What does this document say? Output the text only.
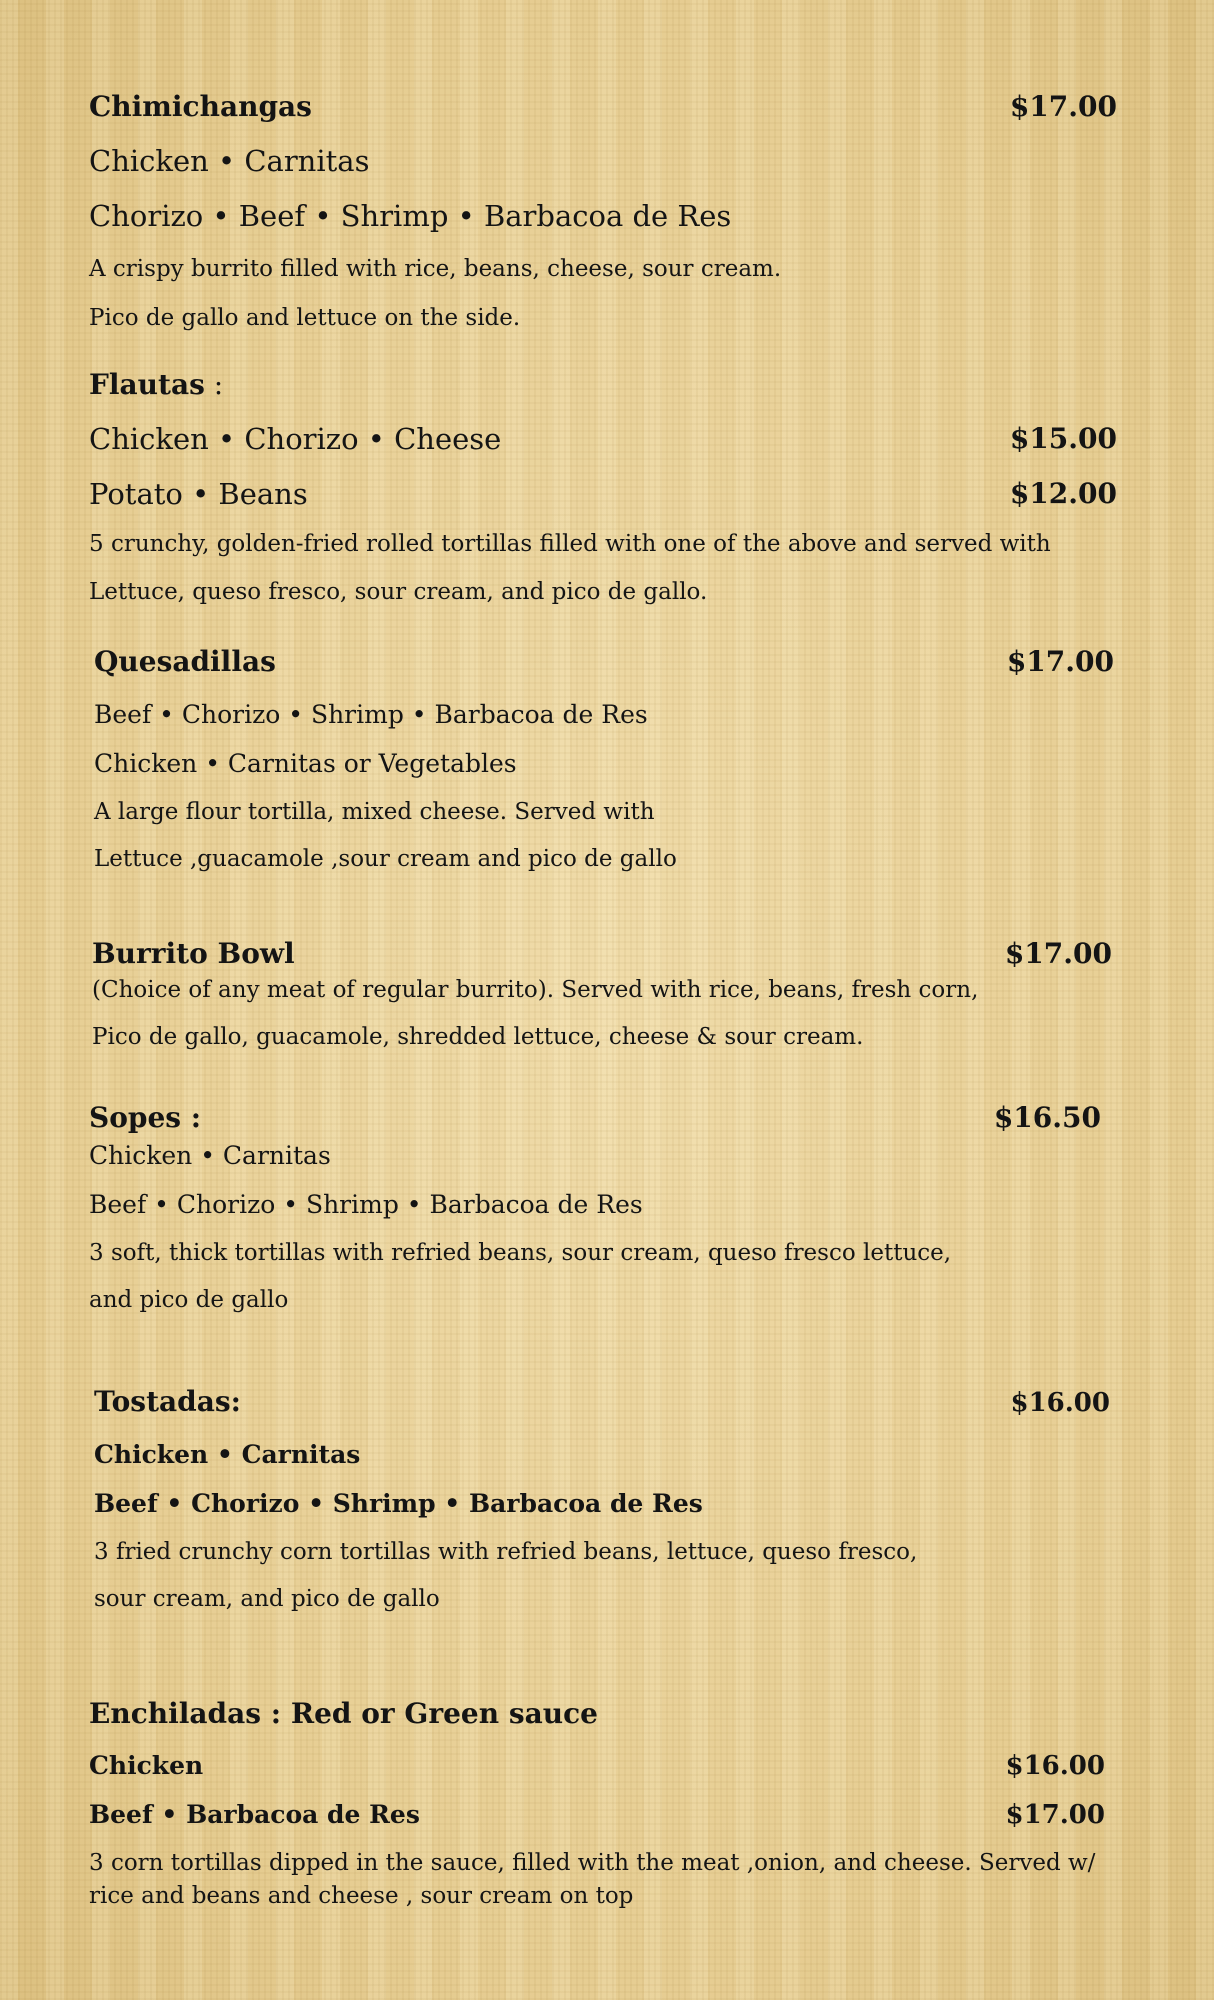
Chimichangas	$17.00
Chicken • Carnitas
Chorizo • Beef • Shrimp • Barbacoa de Res
A crispy burrito filled with rice, beans, cheese, sour cream.
Pico de gallo and lettuce on the side.
Flautas :
Chicken • Chorizo • Cheese	$15.00
Potato • Beans	$12.00
5 crunchy, golden-fried rolled tortillas filled with one of the above and served with
Lettuce, queso fresco, sour cream, and pico de gallo.
Quesadillas	$17.00
Beef • Chorizo • Shrimp • Barbacoa de Res
Chicken • Carnitas or Vegetables
A large flour tortilla, mixed cheese. Served with
Lettuce ,guacamole ,sour cream and pico de gallo
Burrito Bowl	$17.00
(Choice of any meat of regular burrito). Served with rice, beans, fresh corn,
Pico de gallo, guacamole, shredded lettuce, cheese & sour cream.
Sopes :	$16.50
Chicken • Carnitas
Beef • Chorizo • Shrimp • Barbacoa de Res
3 soft, thick tortillas with refried beans, sour cream, queso fresco lettuce,
and pico de gallo
Tostadas:	$16.00
Chicken • Carnitas
Beef • Chorizo • Shrimp • Barbacoa de Res
3 fried crunchy corn tortillas with refried beans, lettuce, queso fresco,
sour cream, and pico de gallo
Enchiladas : Red or Green sauce
Chicken	$16.00
Beef • Barbacoa de Res	$17.00
3 corn tortillas dipped in the sauce, filled with the meat ,onion, and cheese. Served w/
rice and beans and cheese , sour cream on top
